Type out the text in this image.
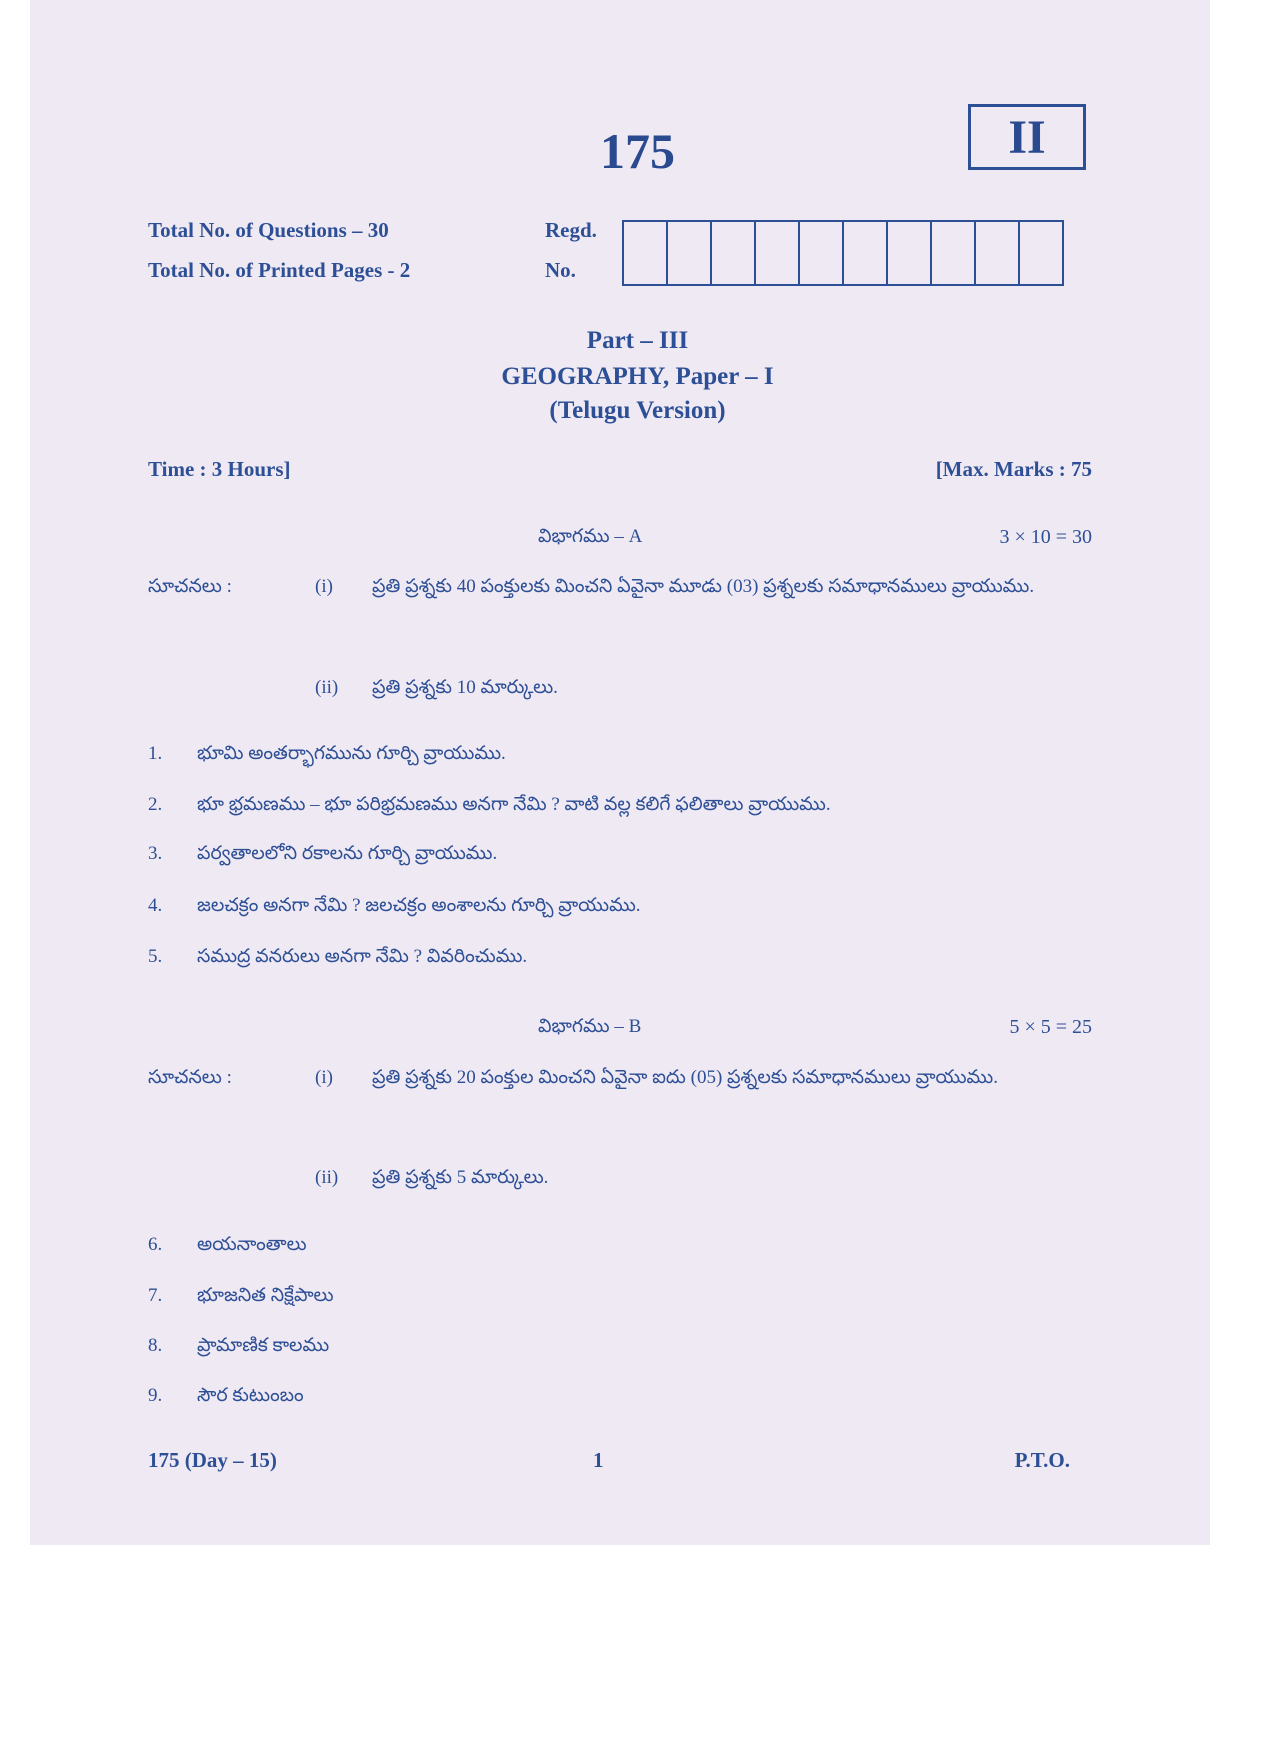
175	II
Total No. of Questions – 30
Total No. of Printed Pages - 2
Regd.
No.
Part – III
GEOGRAPHY, Paper – I
(Telugu Version)
Time : 3 Hours]	[Max. Marks : 75
విభాగము – A	3 × 10 = 30
సూచనలు :	(i) ప్రతి ప్రశ్నకు 40 పంక్తులకు మించని ఏవైనా మూడు (03) ప్రశ్నలకు సమాధానములు వ్రాయుము.
(ii) ప్రతి ప్రశ్నకు 10 మార్కులు.
1. భూమి అంతర్భాగమును గూర్చి వ్రాయుము.
2. భూ భ్రమణము – భూ పరిభ్రమణము అనగా నేమి ? వాటి వల్ల కలిగే ఫలితాలు వ్రాయుము.
3. పర్వతాలలోని రకాలను గూర్చి వ్రాయుము.
4. జలచక్రం అనగా నేమి ? జలచక్రం అంశాలను గూర్చి వ్రాయుము.
5. సముద్ర వనరులు అనగా నేమి ? వివరించుము.
విభాగము – B	5 × 5 = 25
సూచనలు :	(i) ప్రతి ప్రశ్నకు 20 పంక్తుల మించని ఏవైనా ఐదు (05) ప్రశ్నలకు సమాధానములు వ్రాయుము.
(ii) ప్రతి ప్రశ్నకు 5 మార్కులు.
6. అయనాంతాలు
7. భూజనిత నిక్షేపాలు
8. ప్రామాణిక కాలము
9. సౌర కుటుంబం
175 (Day – 15)	1	P.T.O.
